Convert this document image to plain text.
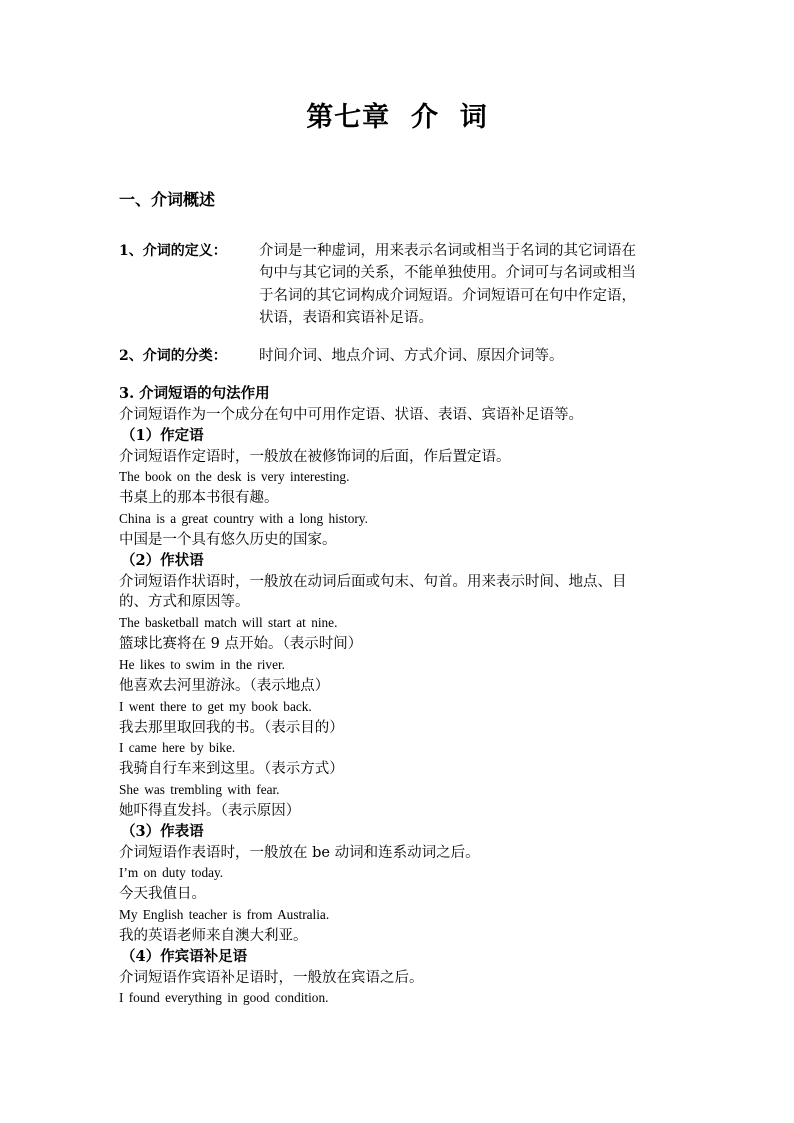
第七章  介  词
一、介词概述
1、介词的定义： 介词是一种虚词，用来表示名词或相当于名词的其它词语在
句中与其它词的关系，不能单独使用。介词可与名词或相当
于名词的其它词构成介词短语。介词短语可在句中作定语，
状语，表语和宾语补足语。
2、介词的分类： 时间介词、地点介词、方式介词、原因介词等。
3. 介词短语的句法作用
介词短语作为一个成分在句中可用作定语、状语、表语、宾语补足语等。
（1）作定语
介词短语作定语时，一般放在被修饰词的后面，作后置定语。
The book on the desk is very interesting.
书桌上的那本书很有趣。
China is a great country with a long history.
中国是一个具有悠久历史的国家。
（2）作状语
介词短语作状语时，一般放在动词后面或句末、句首。用来表示时间、地点、目
的、方式和原因等。
The basketball match will start at nine.
篮球比赛将在 9 点开始。（表示时间）
He likes to swim in the river.
他喜欢去河里游泳。（表示地点）
I went there to get my book back.
我去那里取回我的书。（表示目的）
I came here by bike.
我骑自行车来到这里。（表示方式）
She was trembling with fear.
她吓得直发抖。（表示原因）
（3）作表语
介词短语作表语时，一般放在 be 动词和连系动词之后。
I’m on duty today.
今天我值日。
My English teacher is from Australia.
我的英语老师来自澳大利亚。
（4）作宾语补足语
介词短语作宾语补足语时，一般放在宾语之后。
I found everything in good condition.
